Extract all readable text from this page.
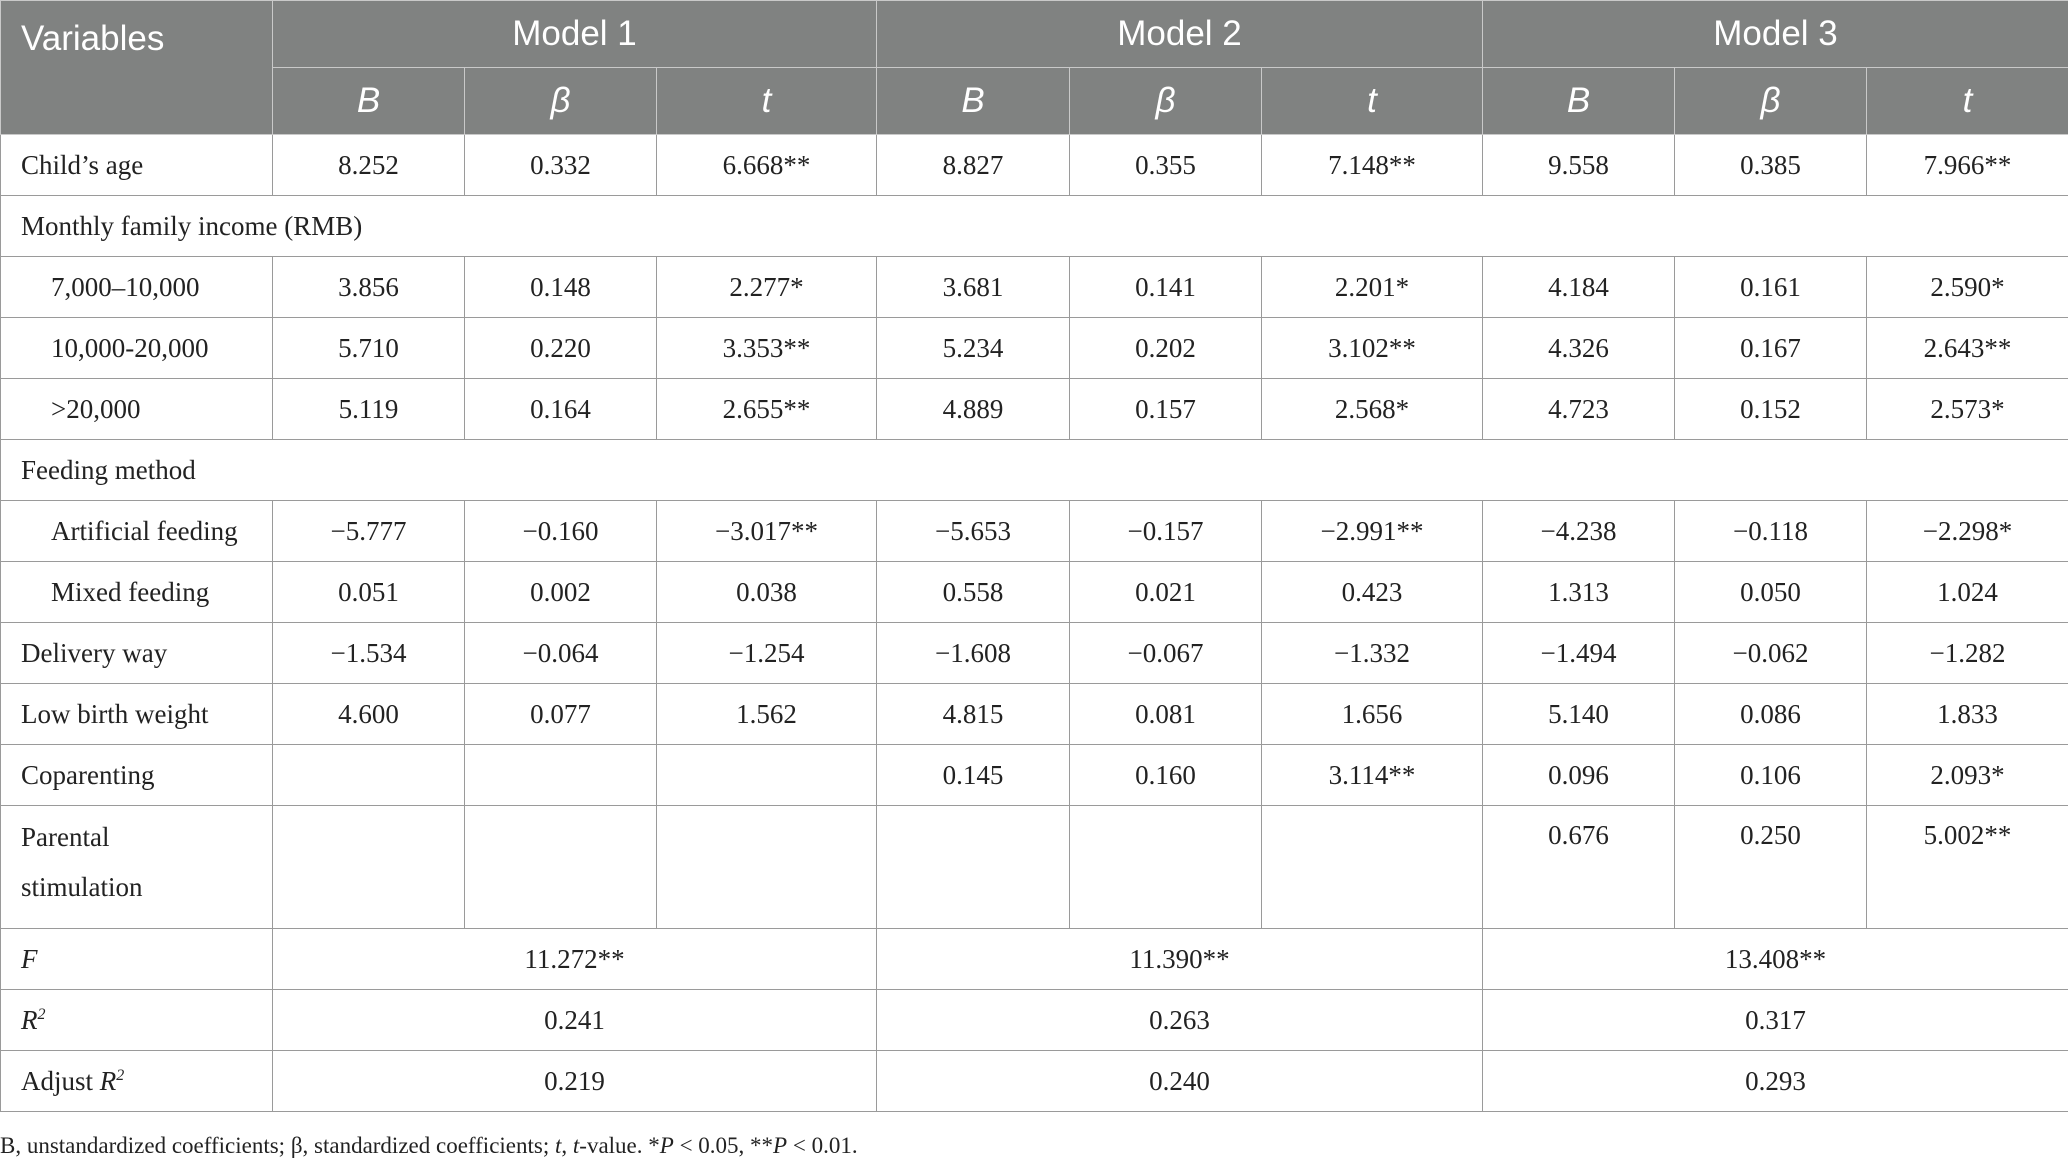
Variables	Model 1			Model 2			Model 3		
	B	β	t	B	β	t	B	β	t
Child’s age	8.252	0.332	6.668**	8.827	0.355	7.148**	9.558	0.385	7.966**
Monthly family income (RMB)									
7,000–10,000	3.856	0.148	2.277*	3.681	0.141	2.201*	4.184	0.161	2.590*
10,000-20,000	5.710	0.220	3.353**	5.234	0.202	3.102**	4.326	0.167	2.643**
>20,000	5.119	0.164	2.655**	4.889	0.157	2.568*	4.723	0.152	2.573*
Feeding method									
Artificial feeding	−5.777	−0.160	−3.017**	−5.653	−0.157	−2.991**	−4.238	−0.118	−2.298*
Mixed feeding	0.051	0.002	0.038	0.558	0.021	0.423	1.313	0.050	1.024
Delivery way	−1.534	−0.064	−1.254	−1.608	−0.067	−1.332	−1.494	−0.062	−1.282
Low birth weight	4.600	0.077	1.562	4.815	0.081	1.656	5.140	0.086	1.833
Coparenting				0.145	0.160	3.114**	0.096	0.106	2.093*
Parental
stimulation							0.676	0.250	5.002**
F	11.272**			11.390**			13.408**		
$R^2$	0.241			0.263			0.317		
Adjust $R^2$	0.219			0.240			0.293		
B, unstandardized coefficients; β, standardized coefficients; t, t-value. *P < 0.05, **P < 0.01.
